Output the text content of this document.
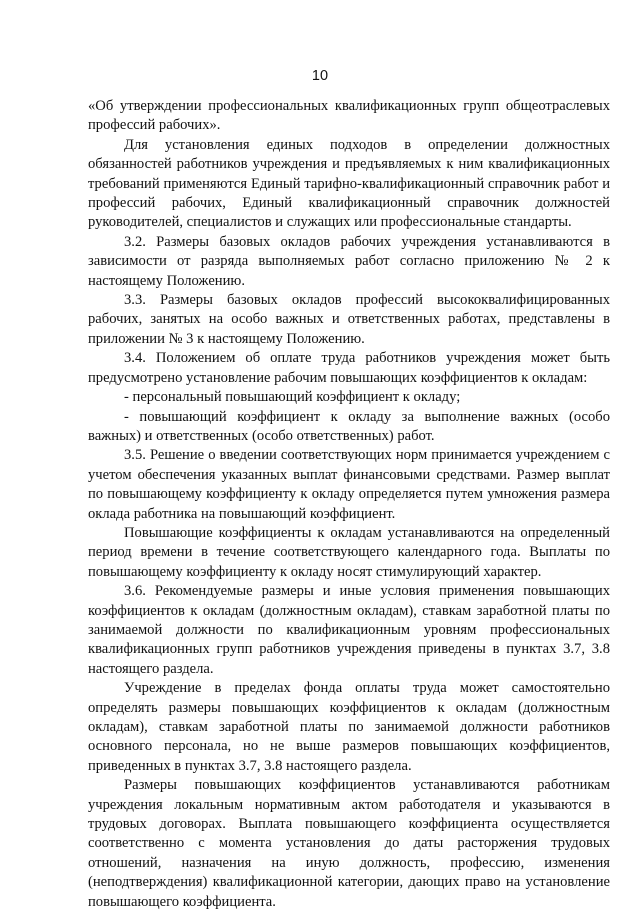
10

«Об утверждении профессиональных квалификационных групп общеотраслевых профессий рабочих».

Для установления единых подходов в определении должностных обязанностей работников учреждения и предъявляемых к ним квалификационных требований применяются Единый тарифно-квалификационный справочник работ и профессий рабочих, Единый квалификационный справочник должностей руководителей, специалистов и служащих или профессиональные стандарты.

3.2. Размеры базовых окладов рабочих учреждения устанавливаются в зависимости от разряда выполняемых работ согласно приложению № 2 к настоящему Положению.

3.3. Размеры базовых окладов профессий высококвалифицированных рабочих, занятых на особо важных и ответственных работах, представлены в приложении № 3 к настоящему Положению.

3.4. Положением об оплате труда работников учреждения может быть предусмотрено установление рабочим повышающих коэффициентов к окладам:

- персональный повышающий коэффициент к окладу;

- повышающий коэффициент к окладу за выполнение важных (особо важных) и ответственных (особо ответственных) работ.

3.5. Решение о введении соответствующих норм принимается учреждением с учетом обеспечения указанных выплат финансовыми средствами. Размер выплат по повышающему коэффициенту к окладу определяется путем умножения размера оклада работника на повышающий коэффициент.

Повышающие коэффициенты к окладам устанавливаются на определенный период времени в течение соответствующего календарного года. Выплаты по повышающему коэффициенту к окладу носят стимулирующий характер.

3.6. Рекомендуемые размеры и иные условия применения повышающих коэффициентов к окладам (должностным окладам), ставкам заработной платы по занимаемой должности по квалификационным уровням профессиональных квалификационных групп работников учреждения приведены в пунктах 3.7, 3.8 настоящего раздела.

Учреждение в пределах фонда оплаты труда может самостоятельно определять размеры повышающих коэффициентов к окладам (должностным окладам), ставкам заработной платы по занимаемой должности работников основного персонала, но не выше размеров повышающих коэффициентов, приведенных в пунктах 3.7, 3.8 настоящего раздела.

Размеры повышающих коэффициентов устанавливаются работникам учреждения локальным нормативным актом работодателя и указываются в трудовых договорах. Выплата повышающего коэффициента осуществляется соответственно с момента установления до даты расторжения трудовых отношений, назначения на иную должность, профессию, изменения (неподтверждения) квалификационной категории, дающих право на установление повышающего коэффициента.
